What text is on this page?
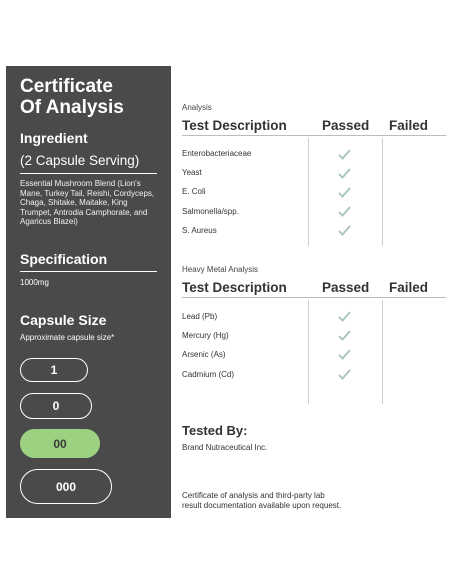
Certificate
Of Analysis
Ingredient
(2 Capsule Serving)
Essential Mushroom Blend (Lion's Mane, Turkey Tail, Reishi, Cordyceps, Chaga, Shitake, Maitake, King Trumpet, Antrodia Camphorate, and Agaricus Blazei)
Specification
1000mg
Capsule Size
Approximate capsule size*
1
0
00
000
Analysis
Test Description	Passed Failed
Enterobacteriaceae
Yeast
E. Coli
Salmonella/spp.
S. Aureus
Heavy Metal Analysis
Test Description	Passed Failed
Lead (Pb)
Mercury (Hg)
Arsenic (As)
Cadmium (Cd)
Tested By:
Brand Nutraceutical Inc.
Certificate of analysis and third-party lab
result documentation available upon request.
